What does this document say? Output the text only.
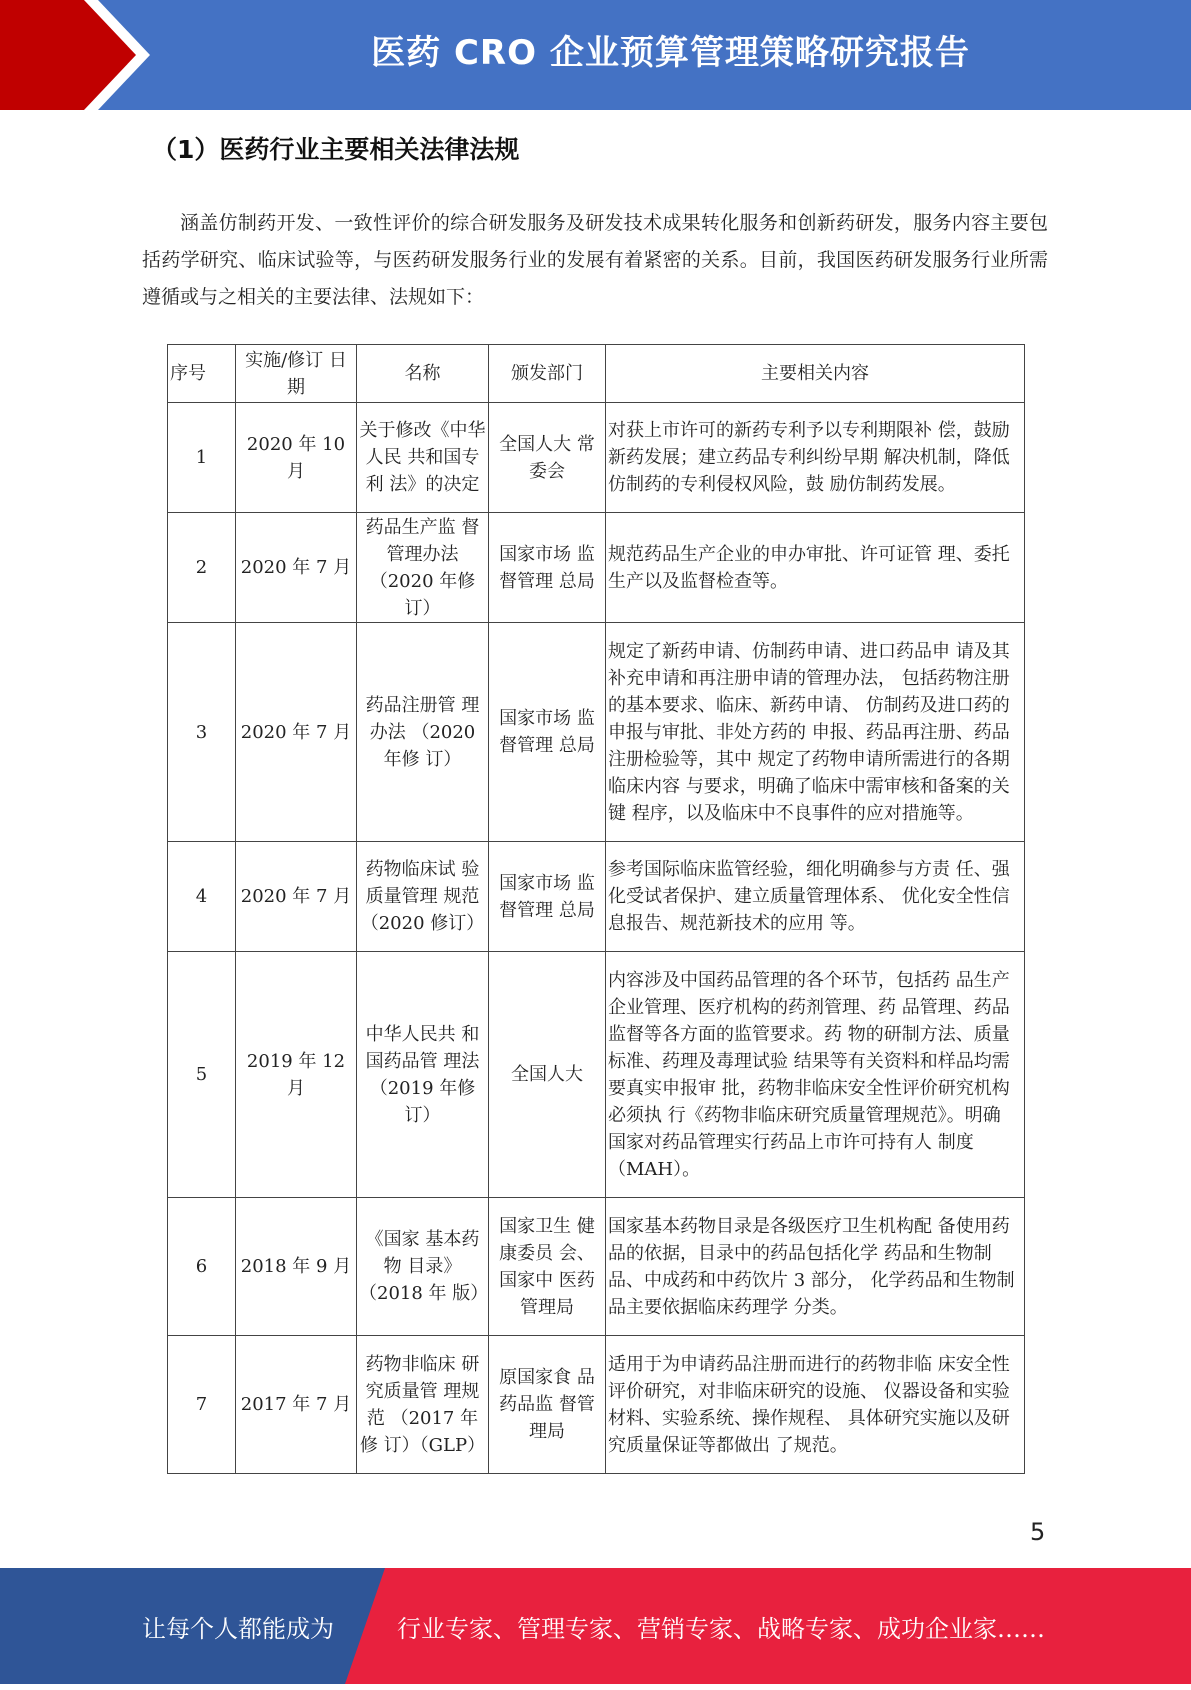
医药 CRO 企业预算管理策略研究报告
（1）医药行业主要相关法律法规

涵盖仿制药开发、一致性评价的综合研发服务及研发技术成果转化服务和创新药研发，服务内容主要包括药学研究、临床试验等，与医药研发服务行业的发展有着紧密的关系。目前，我国医药研发服务行业所需遵循或与之相关的主要法律、法规如下：

序号	实施/修订 日期	名称	颁发部门	主要相关内容
1	2020 年 10 月	关于修改《中华人民 共和国专利 法》的决定	全国人大 常委会	对获上市许可的新药专利予以专利期限补 偿，鼓励新药发展；建立药品专利纠纷早期 解决机制，降低仿制药的专利侵权风险，鼓 励仿制药发展。
2	2020 年 7 月	药品生产监 督管理办法 （2020 年修 订）	国家市场 监督管理 总局	规范药品生产企业的申办审批、许可证管 理、委托生产以及监督检查等。
3	2020 年 7 月	药品注册管 理办法 （2020 年修 订）	国家市场 监督管理 总局	规定了新药申请、仿制药申请、进口药品申 请及其补充申请和再注册申请的管理办法， 包括药物注册的基本要求、临床、新药申请、 仿制药及进口药的申报与审批、非处方药的 申报、药品再注册、药品注册检验等，其中 规定了药物申请所需进行的各期临床内容 与要求，明确了临床中需审核和备案的关键 程序，以及临床中不良事件的应对措施等。
4	2020 年 7 月	药物临床试 验质量管理 规范（2020 修订）	国家市场 监督管理 总局	参考国际临床监管经验，细化明确参与方责 任、强化受试者保护、建立质量管理体系、 优化安全性信息报告、规范新技术的应用 等。
5	2019 年 12 月	中华人民共 和国药品管 理法 （2019 年修 订）	全国人大	内容涉及中国药品管理的各个环节，包括药 品生产企业管理、医疗机构的药剂管理、药 品管理、药品监督等各方面的监管要求。药 物的研制方法、质量标准、药理及毒理试验 结果等有关资料和样品均需要真实申报审 批，药物非临床安全性评价研究机构必须执 行《药物非临床研究质量管理规范》。明确 国家对药品管理实行药品上市许可持有人 制度（MAH）。
6	2018 年 9 月	《国家 基本药物 目录》 （2018 年 版）	国家卫生 健康委员 会、国家中 医药管理局	国家基本药物目录是各级医疗卫生机构配 备使用药品的依据，目录中的药品包括化学 药品和生物制品、中成药和中药饮片 3 部分， 化学药品和生物制品主要依据临床药理学 分类。
7	2017 年 7 月	药物非临床 研究质量管 理规范 （2017 年修 订）（GLP）	原国家食 品药品监 督管理局	适用于为申请药品注册而进行的药物非临 床安全性评价研究，对非临床研究的设施、 仪器设备和实验材料、实验系统、操作规程、 具体研究实施以及研究质量保证等都做出 了规范。
5
让每个人都能成为	行业专家、管理专家、营销专家、战略专家、成功企业家……
